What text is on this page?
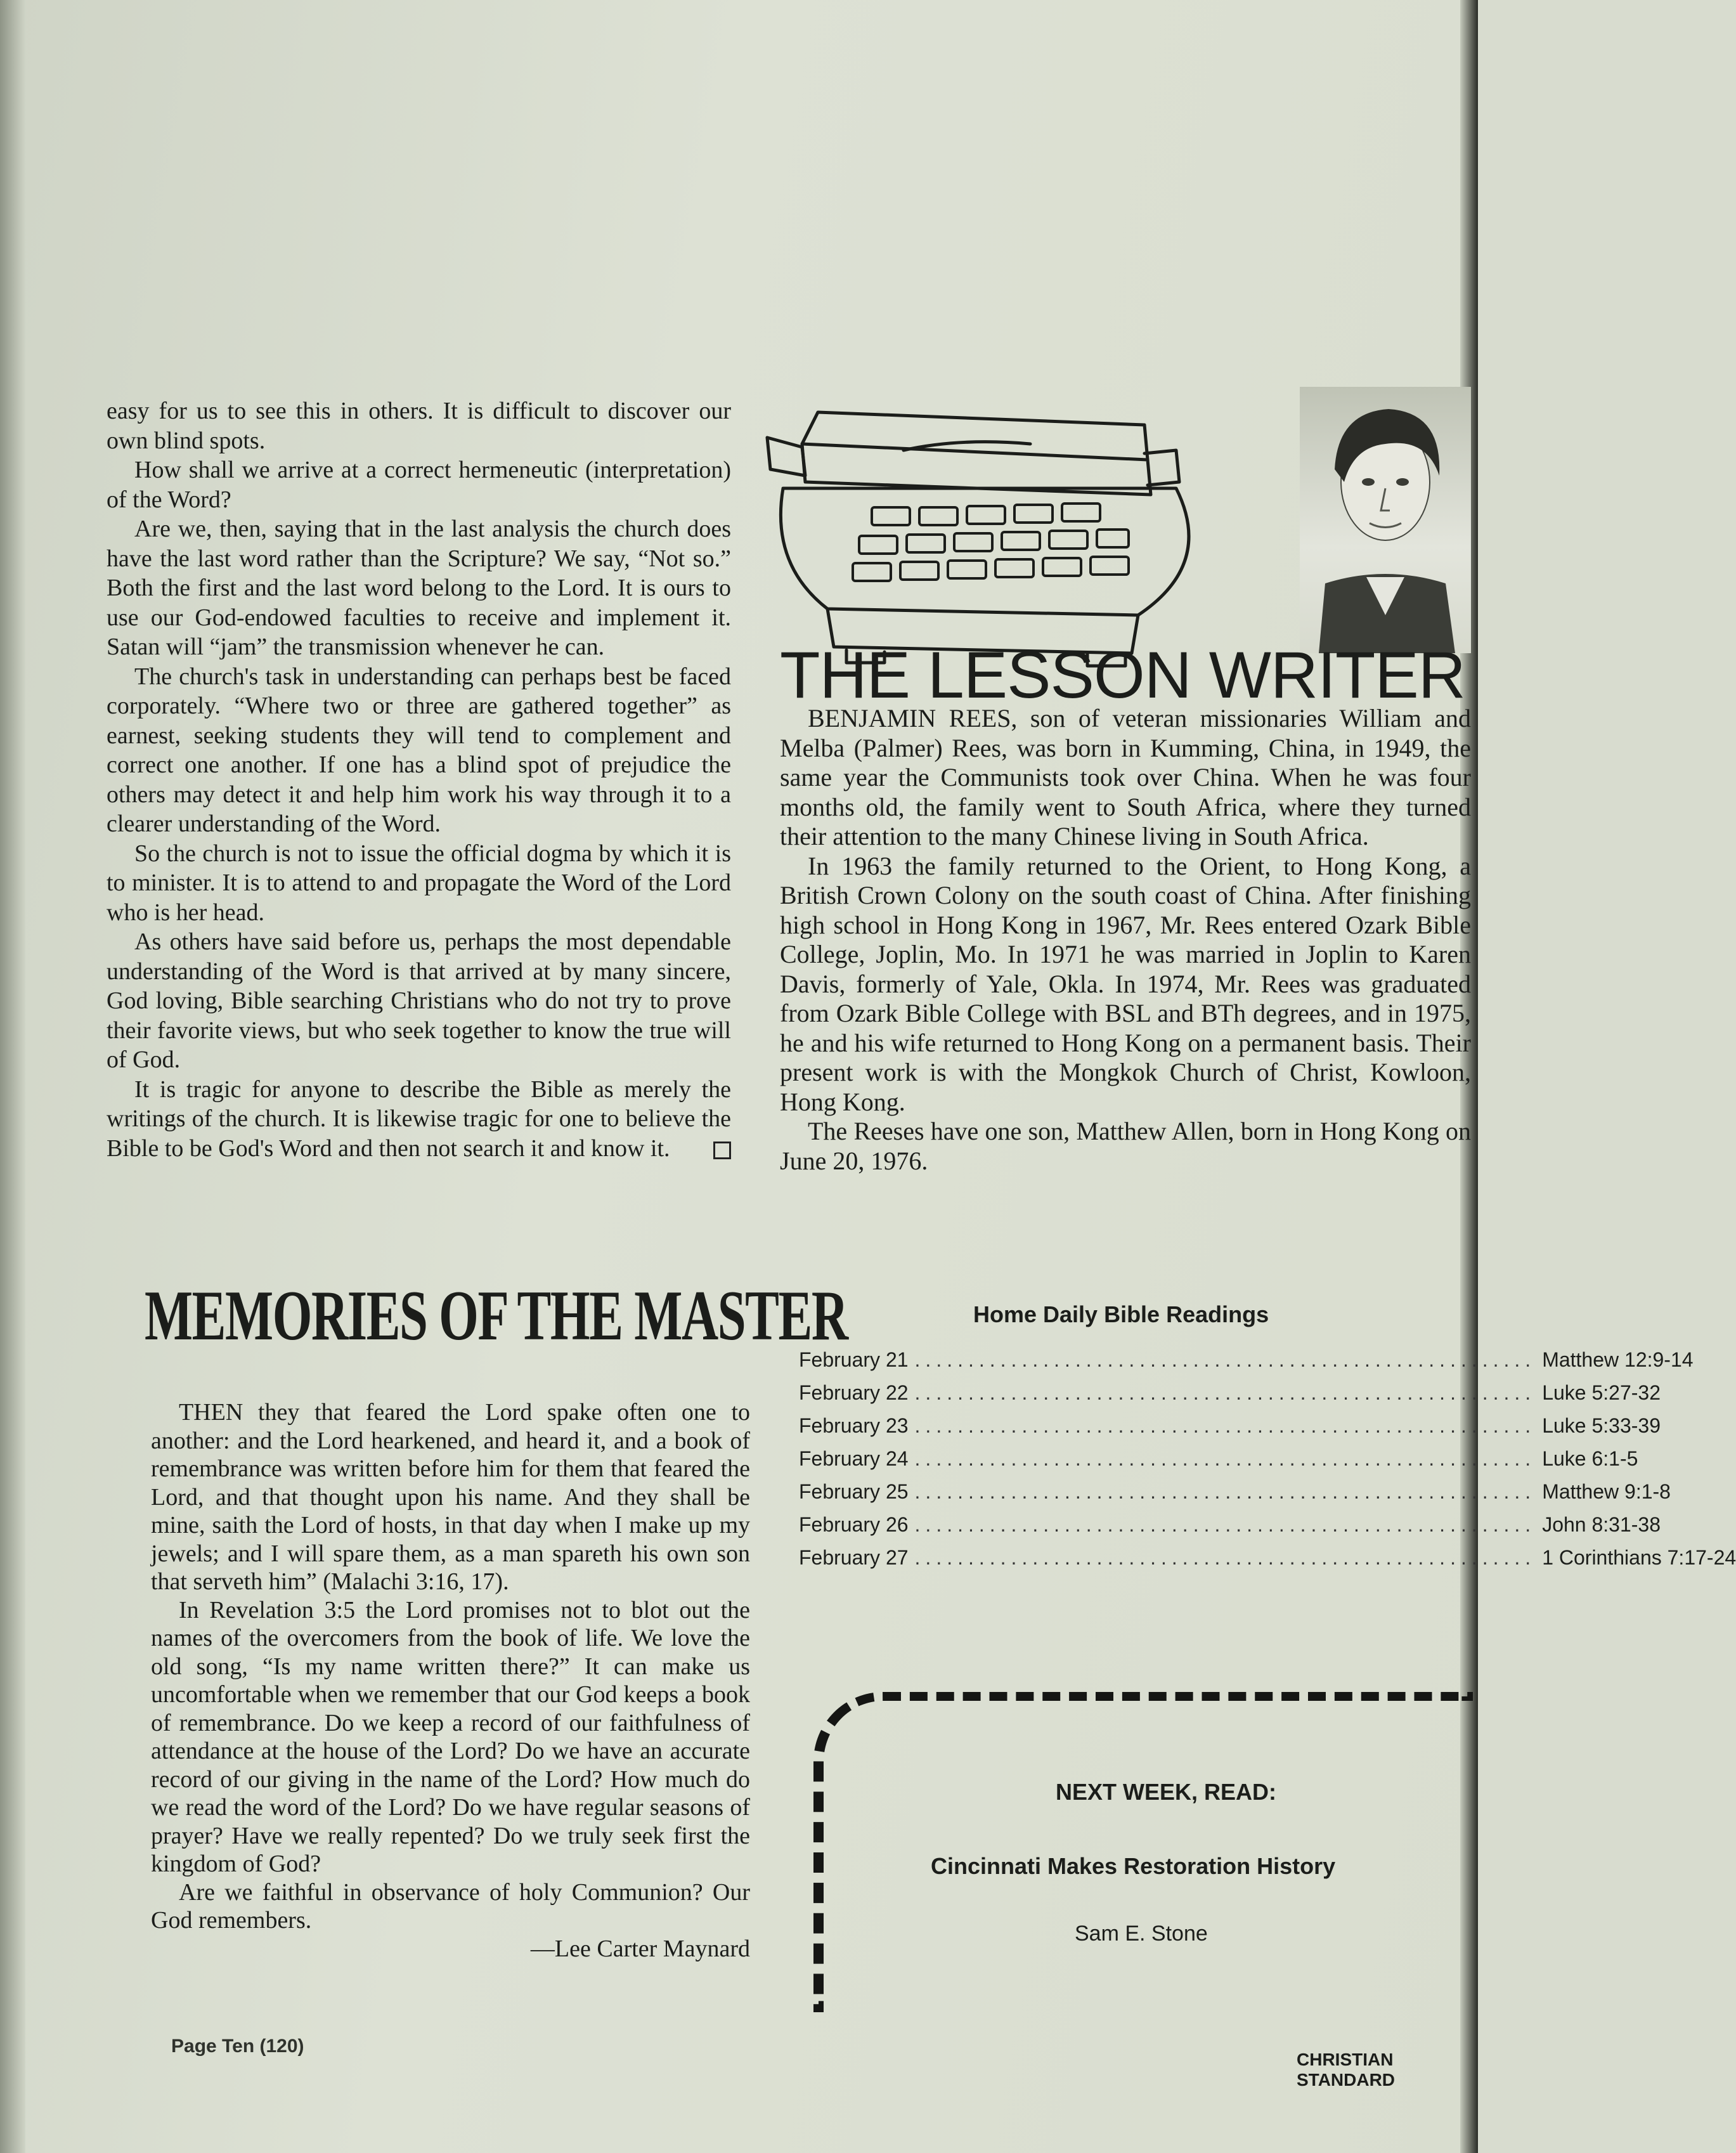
easy for us to see this in others. It is difficult to discover our own blind spots.

How shall we arrive at a correct hermeneutic (interpretation) of the Word?

Are we, then, saying that in the last analysis the church does have the last word rather than the Scripture? We say, “Not so.” Both the first and the last word belong to the Lord. It is ours to use our God-endowed faculties to receive and implement it. Satan will “jam” the transmission whenever he can.

The church's task in understanding can perhaps best be faced corporately. “Where two or three are gathered together” as earnest, seeking students they will tend to complement and correct one another. If one has a blind spot of prejudice the others may detect it and help him work his way through it to a clearer understanding of the Word.

So the church is not to issue the official dogma by which it is to minister. It is to attend to and propagate the Word of the Lord who is her head.

As others have said before us, perhaps the most dependable understanding of the Word is that arrived at by many sincere, God loving, Bible searching Christians who do not try to prove their favorite views, but who seek together to know the true will of God.

It is tragic for anyone to describe the Bible as merely the writings of the church. It is likewise tragic for one to believe the Bible to be God's Word and then not search it and know it.

MEMORIES OF THE MASTER

THEN they that feared the Lord spake often one to another: and the Lord hearkened, and heard it, and a book of remembrance was written before him for them that feared the Lord, and that thought upon his name. And they shall be mine, saith the Lord of hosts, in that day when I make up my jewels; and I will spare them, as a man spareth his own son that serveth him” (Malachi 3:16, 17).

In Revelation 3:5 the Lord promises not to blot out the names of the overcomers from the book of life. We love the old song, “Is my name written there?” It can make us uncomfortable when we remember that our God keeps a book of remembrance. Do we keep a record of our faithfulness of attendance at the house of the Lord? Do we have an accurate record of our giving in the name of the Lord? How much do we read the word of the Lord? Do we have regular seasons of prayer? Have we really repented? Do we truly seek first the kingdom of God?

Are we faithful in observance of holy Communion? Our God remembers.

—Lee Carter Maynard
Page Ten (120)
THE LESSON WRITER

BENJAMIN REES, son of veteran missionaries William and Melba (Palmer) Rees, was born in Kumming, China, in 1949, the same year the Communists took over China. When he was four months old, the family went to South Africa, where they turned their attention to the many Chinese living in South Africa.

In 1963 the family returned to the Orient, to Hong Kong, a British Crown Colony on the south coast of China. After finishing high school in Hong Kong in 1967, Mr. Rees entered Ozark Bible College, Joplin, Mo. In 1971 he was married in Joplin to Karen Davis, formerly of Yale, Okla. In 1974, Mr. Rees was graduated from Ozark Bible College with BSL and BTh degrees, and in 1975, he and his wife returned to Hong Kong on a permanent basis. Their present work is with the Mongkok Church of Christ, Kowloon, Hong Kong.

The Reeses have one son, Matthew Allen, born in Hong Kong on June 20, 1976.

Home Daily Bible Readings
February 21 .......................................................... Matthew 12:9-14
February 22 .......................................................... Luke 5:27-32
February 23 .......................................................... Luke 5:33-39
February 24 .......................................................... Luke 6:1-5
February 25 .......................................................... Matthew 9:1-8
February 26 .......................................................... John 8:31-38
February 27 .......................................................... 1 Corinthians 7:17-24
NEXT WEEK, READ:
Cincinnati Makes Restoration History
Sam E. Stone
CHRISTIAN STANDARD
